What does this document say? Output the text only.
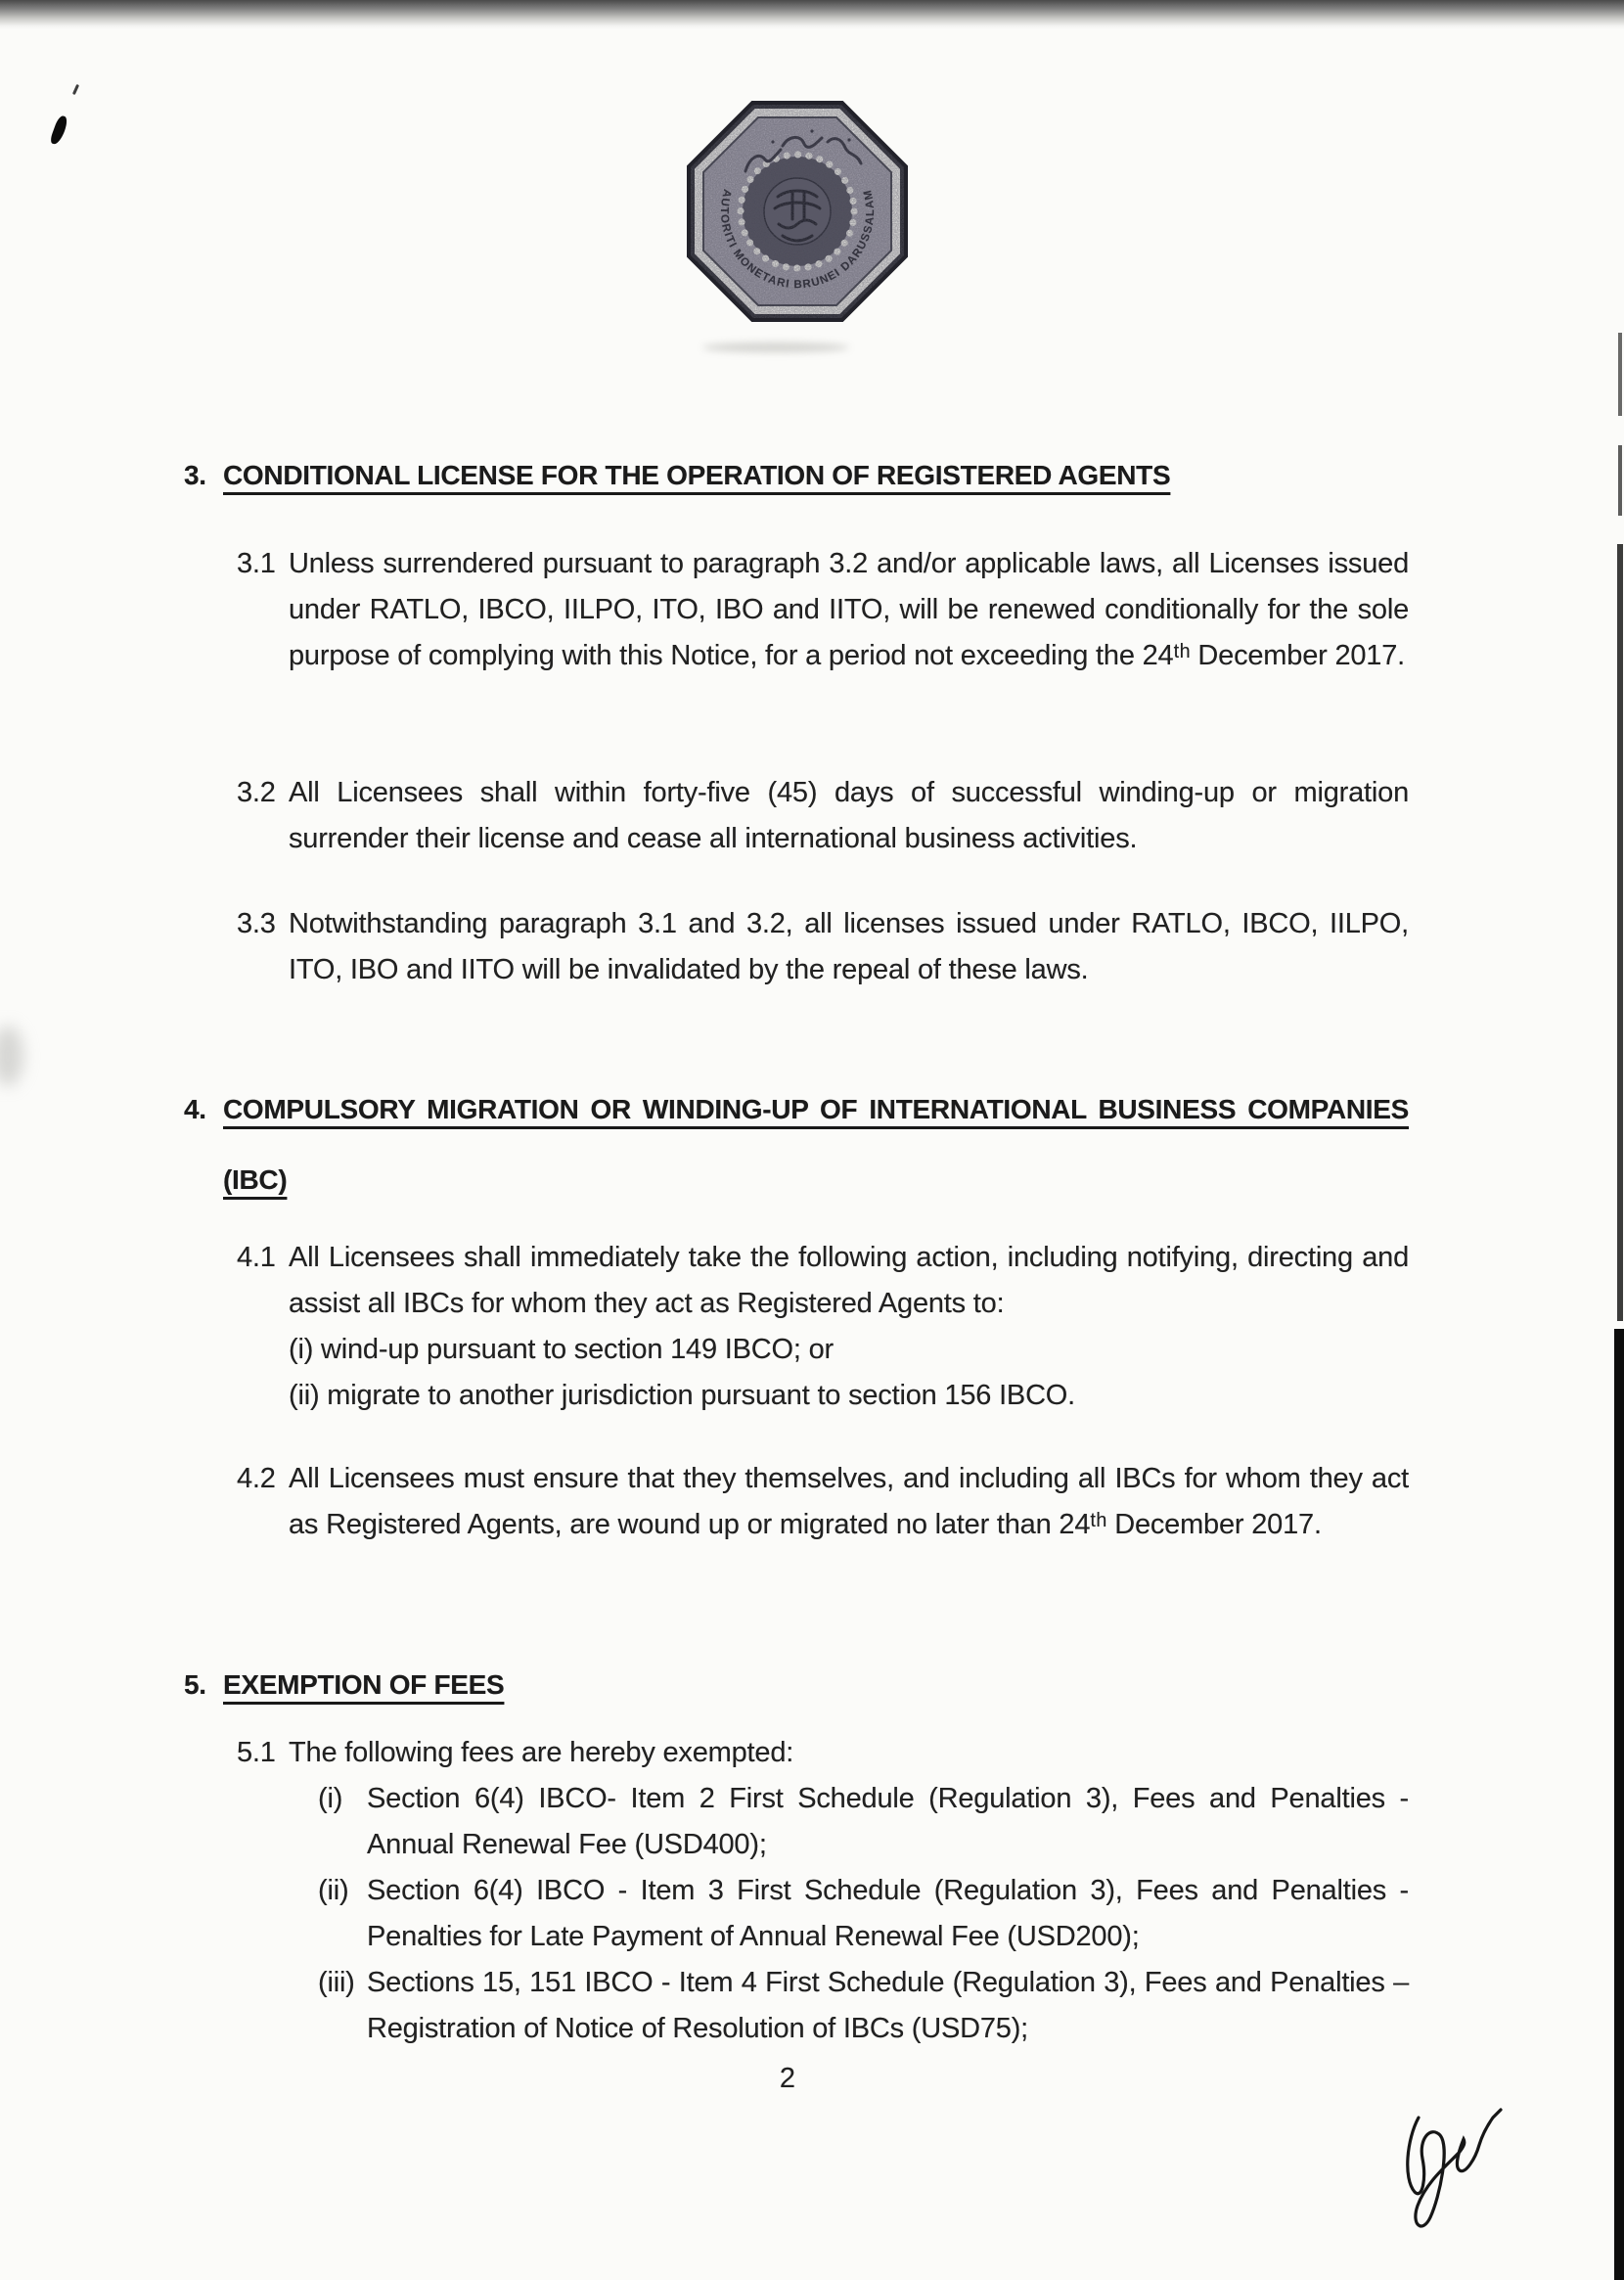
3. CONDITIONAL LICENSE FOR THE OPERATION OF REGISTERED AGENTS
3.1 Unless surrendered pursuant to paragraph 3.2 and/or applicable laws, all Licenses issued under RATLO, IBCO, IILPO, ITO, IBO and IITO, will be renewed conditionally for the sole purpose of complying with this Notice, for a period not exceeding the 24ᵗʰ December 2017.
3.2 All Licensees shall within forty-five (45) days of successful winding-up or migration surrender their license and cease all international business activities.
3.3 Notwithstanding paragraph 3.1 and 3.2, all licenses issued under RATLO, IBCO, IILPO, ITO, IBO and IITO will be invalidated by the repeal of these laws.
4. COMPULSORY MIGRATION OR WINDING-UP OF INTERNATIONAL BUSINESS COMPANIES (IBC)
4.1 All Licensees shall immediately take the following action, including notifying, directing and assist all IBCs for whom they act as Registered Agents to:
(i) wind-up pursuant to section 149 IBCO; or
(ii) migrate to another jurisdiction pursuant to section 156 IBCO.
4.2 All Licensees must ensure that they themselves, and including all IBCs for whom they act as Registered Agents, are wound up or migrated no later than 24ᵗʰ December 2017.
5. EXEMPTION OF FEES
5.1 The following fees are hereby exempted:
(i) Section 6(4) IBCO- Item 2 First Schedule (Regulation 3), Fees and Penalties - Annual Renewal Fee (USD400);
(ii) Section 6(4) IBCO - Item 3 First Schedule (Regulation 3), Fees and Penalties - Penalties for Late Payment of Annual Renewal Fee (USD200);
(iii) Sections 15, 151 IBCO - Item 4 First Schedule (Regulation 3), Fees and Penalties – Registration of Notice of Resolution of IBCs (USD75);
2
